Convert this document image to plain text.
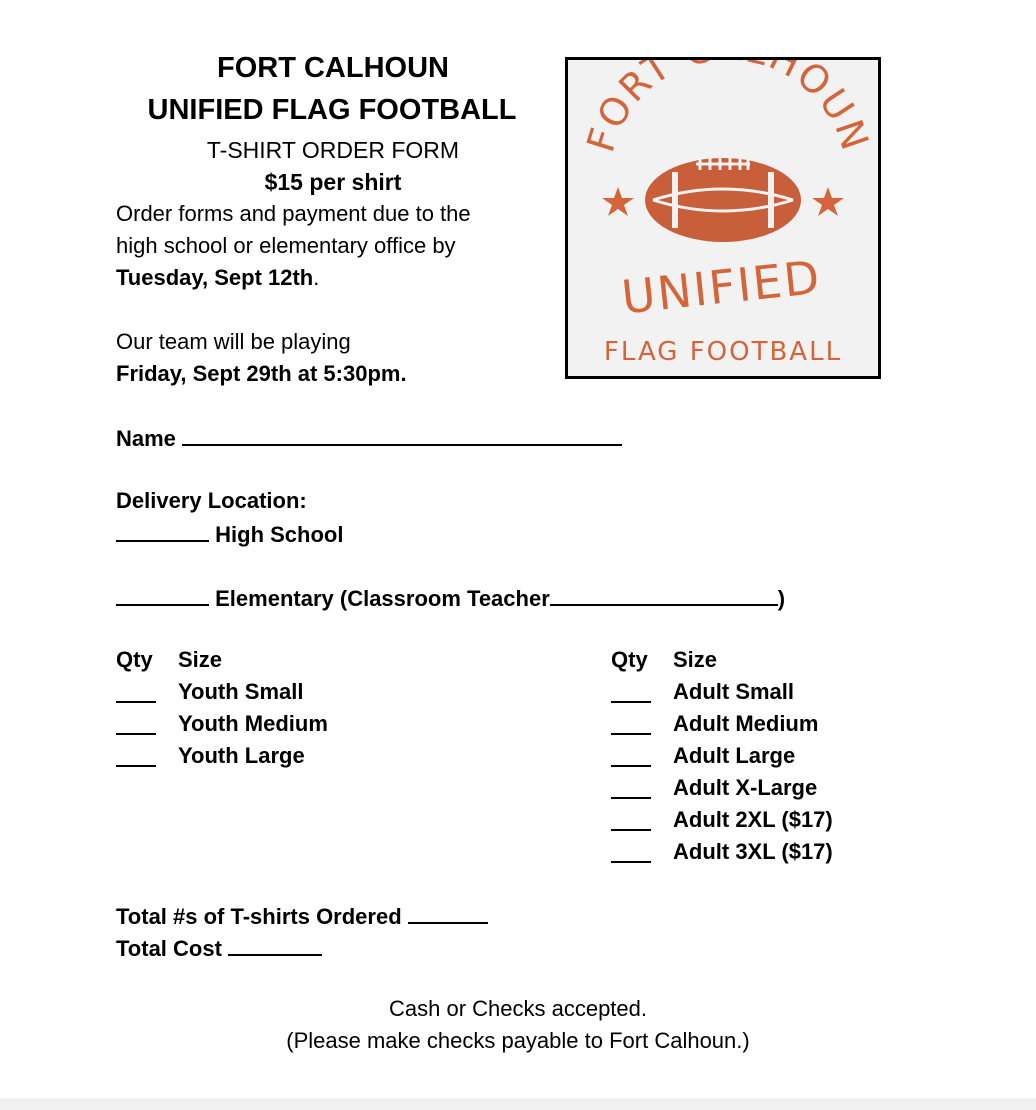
FORT CALHOUN
UNIFIED FLAG FOOTBALL
T-SHIRT ORDER FORM
$15 per shirt
Order forms and payment due to the
high school or elementary office by
Tuesday, Sept 12th.
Our team will be playing
Friday, Sept 29th at 5:30pm.
FORT HOUN
UNIFIED
FLAG FOOTBALL
Name
Delivery Location:
High School
Elementary (Classroom Teacher	)
Qty Size
Youth Small
Youth Medium
Youth Large
Qty Size
Adult Small
Adult Medium
Adult Large
Adult X-Large
Adult 2XL ($17)
Adult 3XL ($17)
Total #s of T-shirts Ordered
Total Cost
Cash or Checks accepted.
(Please make checks payable to Fort Calhoun.)
